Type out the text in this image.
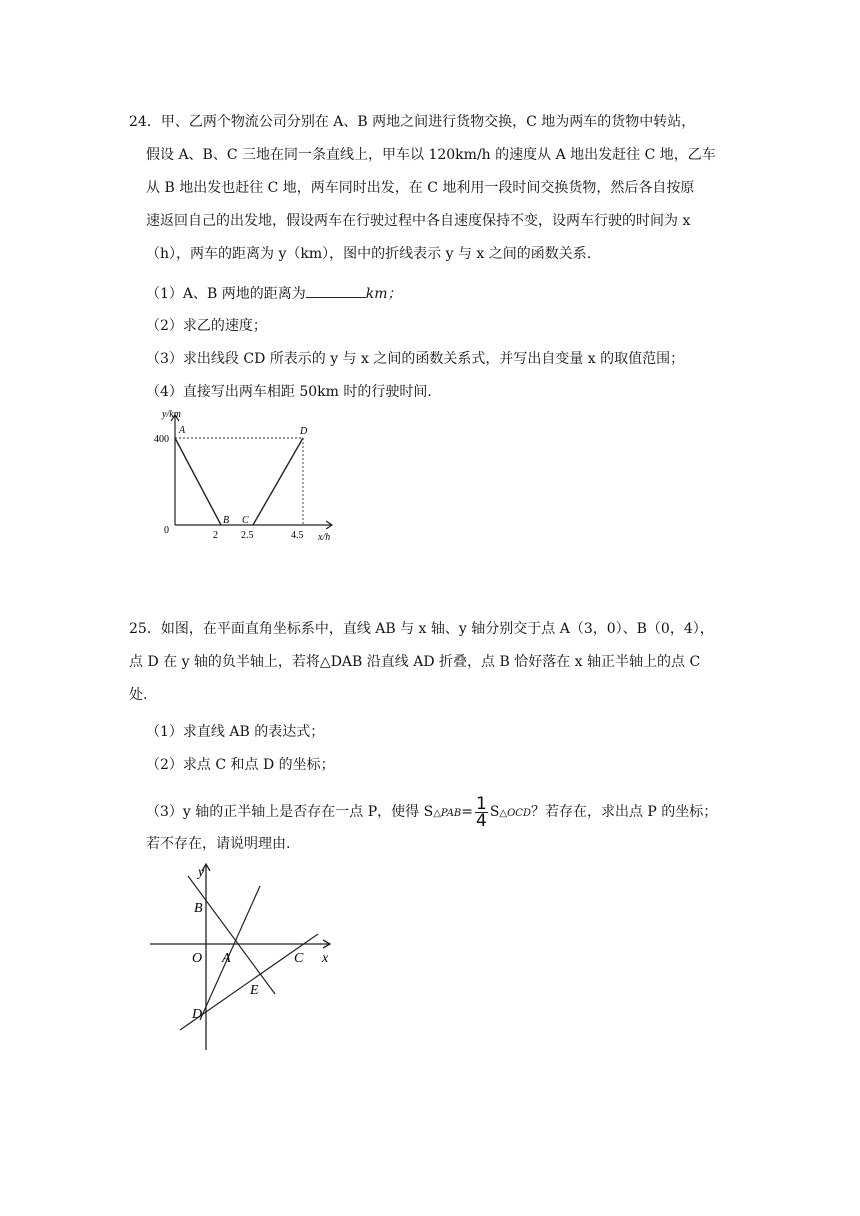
24．甲、乙两个物流公司分别在 A、B 两地之间进行货物交换，C 地为两车的货物中转站，
假设 A、B、C 三地在同一条直线上，甲车以 120km/h 的速度从 A 地出发赶往 C 地，乙车
从 B 地出发也赶往 C 地，两车同时出发，在 C 地利用一段时间交换货物，然后各自按原
速返回自己的出发地，假设两车在行驶过程中各自速度保持不变，设两车行驶的时间为 x
（h），两车的距离为 y（km），图中的折线表示 y 与 x 之间的函数关系.
（1）A、B 两地的距离为	km；
（2）求乙的速度；
（3）求出线段 CD 所表示的 y 与 x 之间的函数关系式，并写出自变量 x 的取值范围；
（4）直接写出两车相距 50km 时的行驶时间.
y/km
A
400
D
0
B C
2 2.5	4.5 x/h
25．如图，在平面直角坐标系中，直线 AB 与 x 轴、y 轴分别交于点 A（3，0）、B（0，4），
点 D 在 y 轴的负半轴上，若将△DAB 沿直线 AD 折叠，点 B 恰好落在 x 轴正半轴上的点 C
处.
（1）求直线 AB 的表达式；
（2）求点 C 和点 D 的坐标；
（3）y 轴的正半轴上是否存在一点 P，使得 S△PAB= $\frac{1}{4}$ S△OCD？若存在，求出点 P 的坐标；
若不存在，请说明理由.
y
B
O A	C x
E
D
